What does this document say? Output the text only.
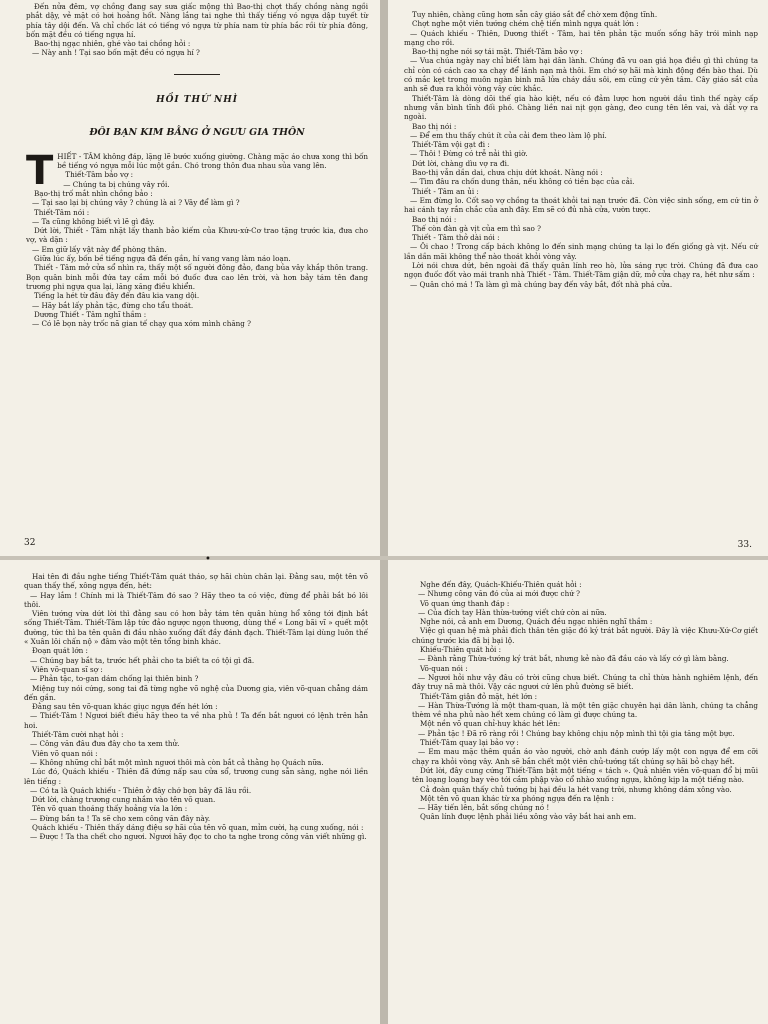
Đến nửa đêm, vợ chồng đang say sưa giấc mộng thì Bao-thị chợt thấy chồng nàng ngồi phắt dậy, vẻ mặt có hơi hoảng hốt. Nàng lắng tai nghe thì thấy tiếng vó ngựa dập tuyết từ phía tây dội đến. Và chỉ chốc lát có tiếng vó ngựa từ phía nam từ phía bắc rồi từ phía đông, bốn mặt đều có tiếng ngựa hí.

Bao-thị ngạc nhiên, ghé vào tai chồng hỏi :

— Này anh ! Tại sao bốn mặt đều có ngựa hí ?

HỒI THỨ NHÌ
ĐÔI BẠN KIM BẰNG Ở NGƯU GIA THÔN
T HIẾT - TÂM không đáp, lặng lẽ bước xuống giường. Chàng mặc áo chưa xong thì bốn bề tiếng vó ngựa mỗi lúc một gần. Chó trong thôn đua nhau sủa vang lên.

Thiết-Tâm bảo vợ :

— Chúng ta bị chúng vây rồi.

Bạo-thị trố mắt nhìn chồng bảo :

— Tại sao lại bị chúng vây ? chúng là ai ? Vây để làm gì ?

Thiết-Tâm nói :

— Ta cũng không biết vì lẽ gì đây.

Dứt lời, Thiết - Tâm nhặt lấy thanh bảo kiếm của Khưu-xứ-Cơ trao tặng trước kia, đưa cho vợ, và dặn :

— Em giữ lấy vật này để phòng thân.

Giữa lúc ấy, bốn bề tiếng ngựa đã đến gần, hí vang vang làm náo loạn.

Thiết - Tâm mở cửa sổ nhìn ra, thấy một số người đông đảo, đang bủa vây khắp thôn trang. Bọn quân binh mỗi đứa tay cầm mỗi bó đuốc đưa cao lên trời, và hơn bảy tám tên đang trương phi ngựa qua lại, lăng xăng điều khiển.

Tiếng la hét từ đâu đây đến đâu kia vang dội.

— Hãy bắt lấy phản tặc, đừng cho tẩu thoát.

Dương Thiết - Tâm nghĩ thầm :

— Có lẽ bọn này trốc nã gian tế chạy qua xóm mình chăng ?

32

Tuy nhiên, chàng cũng hơm sẵn cây giáo sắt để chờ xem động tĩnh.

Chợt nghe một viên tướng chém chệ tiến mình ngựa quát lớn :

— Quách khiếu - Thiên, Dương thiết - Tâm, hai tên phản tặc muốn sống hãy trói mình nạp mạng cho rồi.

Bao-thị nghe nói sợ tái mặt. Thiết-Tâm bảo vợ :

— Vua chúa ngày nay chỉ biết làm hại dân lành. Chúng đã vu oan giá họa điều gì thì chúng ta chỉ còn có cách cao xa chạy để lánh nạn mà thôi. Em chớ sợ hãi mà kinh động đến bào thai. Dù có mắc kẹt trong muôn ngàn binh mã lửa cháy dầu sôi, em cũng cứ yên tâm. Cây giáo sắt của anh sẽ đưa ra khỏi vòng vây cức khắc.

Thiết-Tâm là dòng dõi thế gia hào kiệt, nếu có đảm lược hơn người dầu tình thế ngày cấp nhưng vẫn bình tĩnh đối phó. Chàng liền nai nịt gọn gàng, đeo cung tên lên vai, và dắt vợ ra ngoài.

Bao thị nói :

— Để em thu thấy chút ít của cải đem theo làm lộ phí.

Thiết-Tâm vội gạt đi :

— Thôi ! Đừng có trễ nải thì giờ.

Dứt lời, chàng dìu vợ ra đi.

Bao-thị vẫn dần dai, chưa chịu dứt khoát. Nàng nói :

— Tìm đâu ra chốn dung thân, nếu không có tiền bạc của cải.

Thiết - Tâm an ủi :

— Em đừng lo. Cốt sao vợ chồng ta thoát khỏi tai nạn trước đã. Còn việc sinh sống, em cứ tin ở hai cánh tay rắn chắc của anh đây. Em sẽ có đủ nhà cửa, vườn tược.

Bao thị nói :

Thế còn đàn gà vịt của em thì sao ?

Thiết - Tâm thở dài nói :

— Ôi chao ! Trong cấp bách không lo đến sinh mạng chúng ta lại lo đến giống gà vịt. Nếu cứ lần dần mãi không thể nào thoát khỏi vòng vây.

Lời nói chưa dứt, bên ngoài đã thấy quân lính reo hò, lửa sáng rực trời. Chúng đã đưa cao ngọn đuốc đốt vào mái tranh nhà Thiết - Tâm. Thiết-Tâm giận dữ, mở cửa chạy ra, hét như sấm :

— Quân chó má ! Ta làm gì mà chúng bay đến vây bắt, đốt nhà phá cửa.

33.

Hai tên đi đầu nghe tiếng Thiết-Tâm quát tháo, sợ hãi chùn chân lại. Đằng sau, một tên võ quan thấy thế, xông ngựa đến, hét:

— Hay lắm ! Chính mi là Thiết-Tâm đó sao ? Hãy theo ta có việc, đừng để phải bắt bó lôi thôi.

Viên tướng vừa dứt lời thì đằng sau có hơn bảy tám tên quân hùng hổ xông tới định bắt sống Thiết-Tâm. Thiết-Tâm lập tức đảo ngược ngọn thương, dùng thế « Long bãi vĩ » quết một đường, tức thì ba tên quân đi đầu nhào xuống đất đầy đánh đạch. Thiết-Tâm lại dùng luôn thế « Xuân lôi chấn nộ » đâm vào một tên tổng binh khác.

Đoạn quát lớn :

— Chúng bay bắt ta, trước hết phải cho ta biết ta có tội gì đã.

Viên võ-quan sĩ sợ :

— Phản tặc, to-gan dám chống lại thiên binh ?

Miệng tuy nói cứng, song tai đã từng nghe võ nghệ của Dương gia, viên võ-quan chẳng dám đến gần.

Đằng sau tên võ-quan khác giục ngựa đến hét lớn :

— Thiết-Tâm ! Ngươi biết điều hãy theo ta về nha phủ ! Ta đến bắt ngươi có lệnh trên hẳn hoi.

Thiết-Tâm cười nhạt hỏi :

— Công văn đâu đưa đây cho ta xem thử.

Viên võ quan nói :

— Không những chỉ bắt một mình ngươi thôi mà còn bắt cả thằng họ Quách nữa.

Lúc đó, Quách khiếu - Thiên đã đứng nấp sau cửa sổ, trương cung sẵn sàng, nghe nói liền lên tiếng :

— Có ta là Quách khiếu - Thiên ở đây chớ bọn bây đã lâu rồi.

Dứt lời, chàng trương cung nhắm vào tên võ quan.

Tên võ quan thoáng thấy hoảng vía la lớn :

— Đừng bắn ta ! Ta sẽ cho xem công văn đây này.

Quách khiếu - Thiên thấy dáng điệu sợ hãi của tên võ quan, mỉm cười, hạ cung xuống, nói :

— Được ! Ta tha chết cho ngươi. Ngươi hãy đọc to cho ta nghe trong công văn viết những gì.

Nghe đến đây, Quách-Khiếu-Thiên quát hỏi :

— Nhưng công văn đó của ai mới được chứ ?

Võ quan ứng thanh đáp :

— Của đích tay Hàn thừa-tướng viết chứ còn ai nữa.

Nghe nói, cả anh em Dương, Quách đều ngạc nhiên nghĩ thầm :

Việc gì quan hệ mà phải đích thân tên giặc đó ký trát bắt người. Đây là việc Khưu-Xứ-Cơ giết chúng trước kia đã bị bại lộ.

Khiếu-Thiên quát hỏi :

— Đành rằng Thừa-tướng ký trát bắt, nhưng kẻ nào đã đầu cáo và lấy cớ gì làm bằng.

Võ-quan nói :

— Ngươi hỏi như vậy đâu có trời cũng chưa biết. Chúng ta chỉ thừa hành nghiêm lệnh, đến đây truy nã mà thôi. Vậy các ngươi cứ lên phủ đường sẽ biết.

Thiết-Tâm giận đỏ mặt, hét lớn :

— Hàn Thừa-Tướng là một tham-quan, là một tên giặc chuyên hại dân lành, chúng ta chẳng thèm về nha phủ nào hết xem chúng có làm gì được chúng ta.

Một nền võ quan chỉ-huy khác hét lên:

— Phản tặc ! Đã rõ ràng rồi ! Chúng bay không chịu nộp mình thì tội gia tăng một bực.

Thiết-Tâm quay lại bảo vợ :

— Em mau mặc thêm quần áo vào người, chờ anh đánh cướp lấy một con ngựa để em cỡi chạy ra khỏi vòng vây. Anh sẽ bắn chết một viên chủ-tướng tất chúng sợ hãi bỏ chạy hết.

Dứt lời, đây cung cứng Thiết-Tâm bật một tiếng « tách ». Quả nhiên viên võ-quan đổ bị mũi tên loạng loạng bay vèo tới cắm phập vào cổ nhào xuống ngựa, không kịp la một tiếng nào.

Cả đoàn quân thấy chủ tướng bị hại đều la hét vang trời, nhưng không dám xông vào.

Một tên võ quan khác từ xa phóng ngựa đến ra lệnh :

— Hãy tiến lên, bắt sống chúng nó !

Quân lính được lệnh phải liều xông vào vây bắt hai anh em.

•
